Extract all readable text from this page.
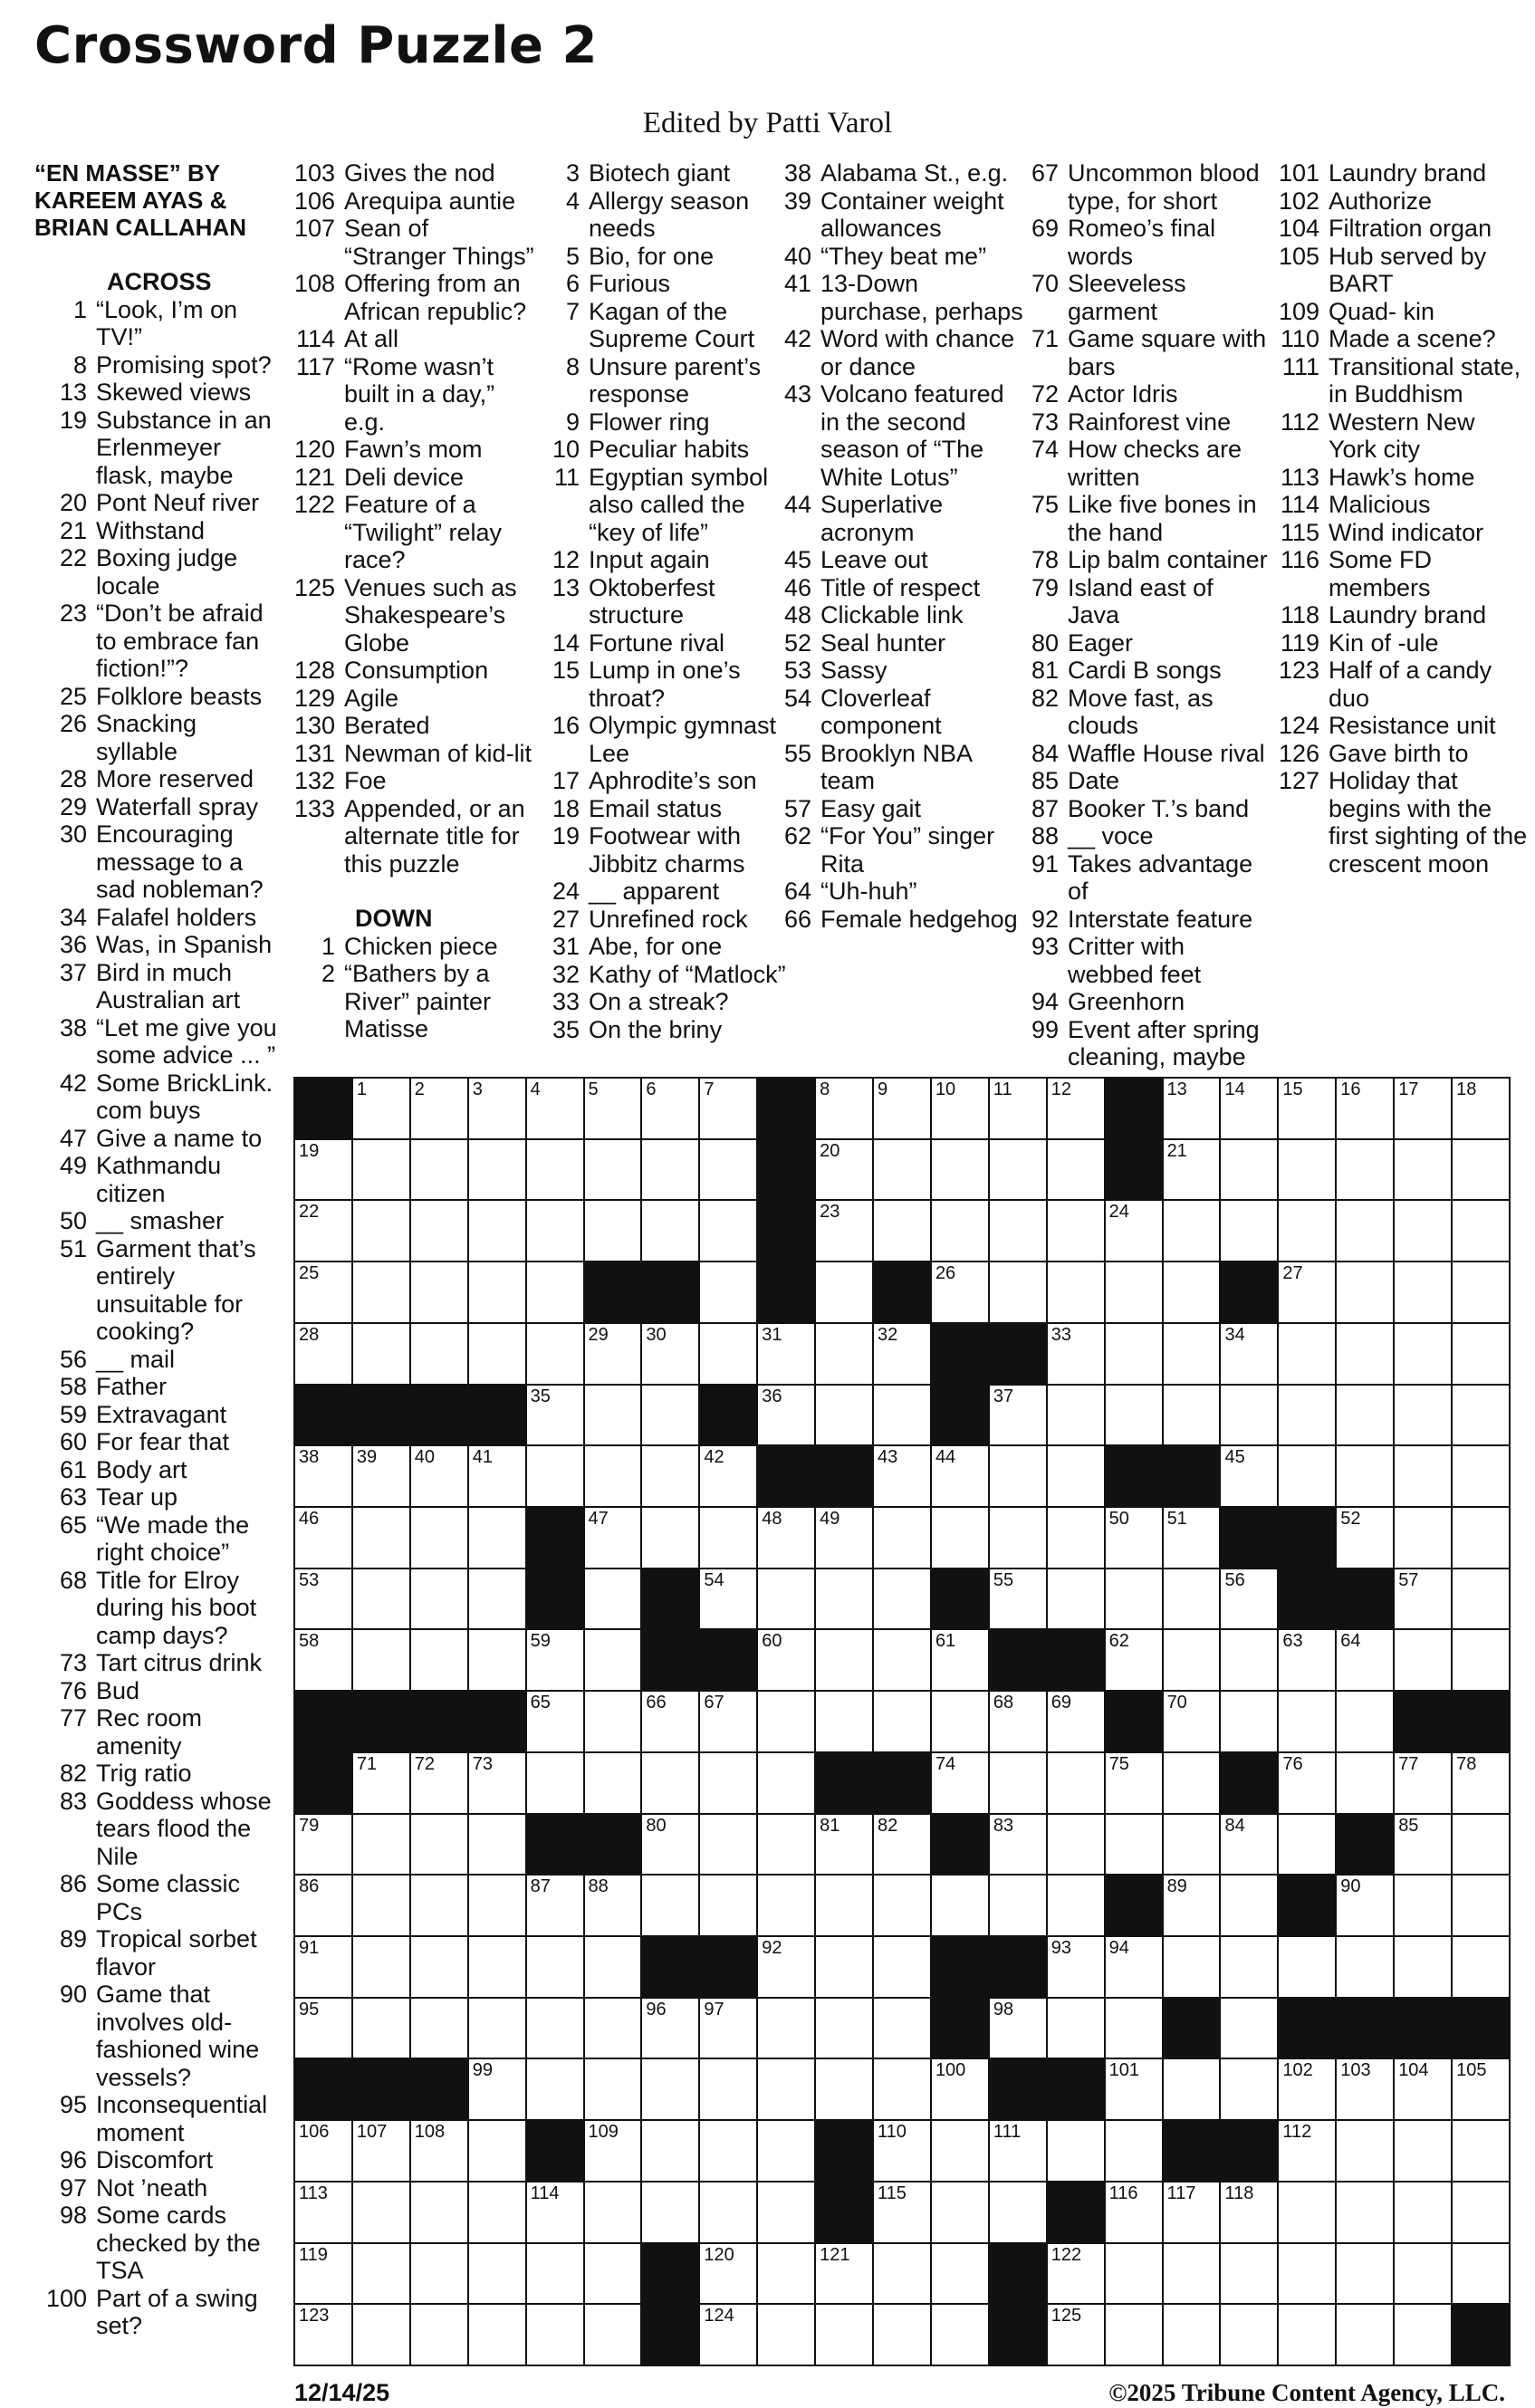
Crossword Puzzle 2
Edited by Patti Varol
“EN MASSE” BY KAREEM AYAS & BRIAN CALLAHAN
ACROSS
1 “Look, I’m on TV!”
8 Promising spot?
13 Skewed views
19 Substance in an Erlenmeyer flask, maybe
20 Pont Neuf river
21 Withstand
22 Boxing judge locale
23 “Don’t be afraid to embrace fan fiction!”?
25 Folklore beasts
26 Snacking syllable
28 More reserved
29 Waterfall spray
30 Encouraging message to a sad nobleman?
34 Falafel holders
36 Was, in Spanish
37 Bird in much Australian art
38 “Let me give you some advice ... ”
42 Some BrickLink. com buys
47 Give a name to
49 Kathmandu citizen
50 __ smasher
51 Garment that’s entirely unsuitable for cooking?
56 __ mail
58 Father
59 Extravagant
60 For fear that
61 Body art
63 Tear up
65 “We made the right choice”
68 Title for Elroy during his boot camp days?
73 Tart citrus drink
76 Bud
77 Rec room amenity
82 Trig ratio
83 Goddess whose tears flood the Nile
86 Some classic PCs
89 Tropical sorbet flavor
90 Game that involves old-fashioned wine vessels?
95 Inconsequential moment
96 Discomfort
97 Not ’neath
98 Some cards checked by the TSA
100 Part of a swing set?
103 Gives the nod
106 Arequipa auntie
107 Sean of “Stranger Things”
108 Offering from an African republic?
114 At all
117 “Rome wasn’t built in a day,” e.g.
120 Fawn’s mom
121 Deli device
122 Feature of a “Twilight” relay race?
125 Venues such as Shakespeare’s Globe
128 Consumption
129 Agile
130 Berated
131 Newman of kid-lit
132 Foe
133 Appended, or an alternate title for this puzzle
DOWN
1 Chicken piece
2 “Bathers by a River” painter Matisse
3 Biotech giant
4 Allergy season needs
5 Bio, for one
6 Furious
7 Kagan of the Supreme Court
8 Unsure parent’s response
9 Flower ring
10 Peculiar habits
11 Egyptian symbol also called the “key of life”
12 Input again
13 Oktoberfest structure
14 Fortune rival
15 Lump in one’s throat?
16 Olympic gymnast Lee
17 Aphrodite’s son
18 Email status
19 Footwear with Jibbitz charms
24 __ apparent
27 Unrefined rock
31 Abe, for one
32 Kathy of “Matlock”
33 On a streak?
35 On the briny
38 Alabama St., e.g.
39 Container weight allowances
40 “They beat me”
41 13-Down purchase, perhaps
42 Word with chance or dance
43 Volcano featured in the second season of “The White Lotus”
44 Superlative acronym
45 Leave out
46 Title of respect
48 Clickable link
52 Seal hunter
53 Sassy
54 Cloverleaf component
55 Brooklyn NBA team
57 Easy gait
62 “For You” singer Rita
64 “Uh-huh”
66 Female hedgehog
67 Uncommon blood type, for short
69 Romeo’s final words
70 Sleeveless garment
71 Game square with bars
72 Actor Idris
73 Rainforest vine
74 How checks are written
75 Like five bones in the hand
78 Lip balm container
79 Island east of Java
80 Eager
81 Cardi B songs
82 Move fast, as clouds
84 Waffle House rival
85 Date
87 Booker T.’s band
88 __ voce
91 Takes advantage of
92 Interstate feature
93 Critter with webbed feet
94 Greenhorn
99 Event after spring cleaning, maybe
101 Laundry brand
102 Authorize
104 Filtration organ
105 Hub served by BART
109 Quad- kin
110 Made a scene?
111 Transitional state, in Buddhism
112 Western New York city
113 Hawk’s home
114 Malicious
115 Wind indicator
116 Some FD members
118 Laundry brand
119 Kin of -ule
123 Half of a candy duo
124 Resistance unit
126 Gave birth to
127 Holiday that begins with the first sighting of the crescent moon
1	2	3	4	5	6	7	8	9	10 11 12	13 14 15 16 17 18
19	20	21
22	23	24
25	26	27
28	29 30	31	32	33	34
35	36	37
38 39 40 41	42	43 44	45
46	47	48 49	50 51	52
53	54	55	56	57
58	59	60	61	62	63 64
65	66 67	68 69	70
71 72 73	74	75	76	77 78
79	80	81 82	83	84	85
86	87 88	89	90
91	92	93 94
95	96 97	98
99	100	101	102 103 104 105
106 107 108	109	110	111	112
113	114	115	116 117 118
119	120	121	122
123	124	125
12/14/25	©2025 Tribune Content Agency, LLC.
